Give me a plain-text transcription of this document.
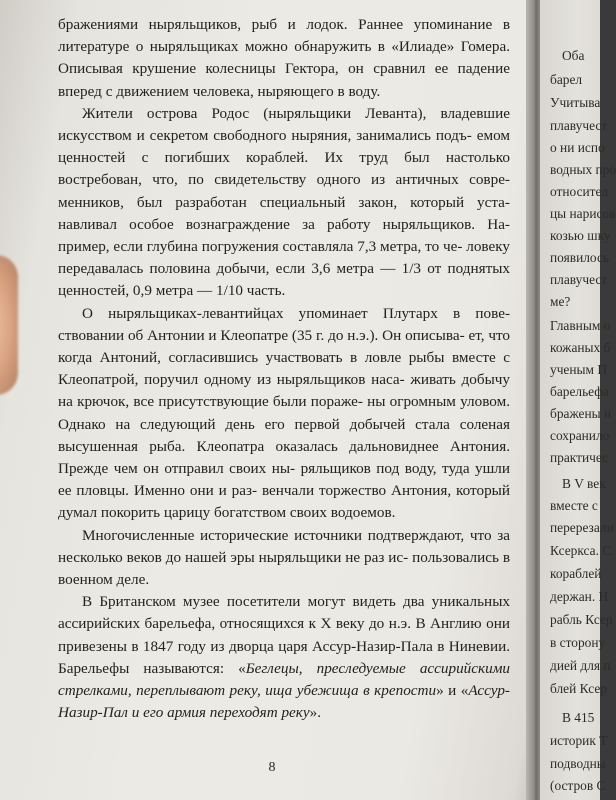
бражениями ныряльщиков, рыб и лодок. Раннее упоминание в литературе о ныряльщиках можно обнаружить в «Илиаде» Гомера. Описывая крушение колесницы Гектора, он сравнил ее падение вперед с движением человека, ныряющего в воду.

Жители острова Родос (ныряльщики Леванта), владевшие искусством и секретом свободного ныряния, занимались подъ- емом ценностей с погибших кораблей. Их труд был настолько востребован, что, по свидетельству одного из античных совре- менников, был разработан специальный закон, который уста- навливал особое вознаграждение за работу ныряльщиков. На- пример, если глубина погружения составляла 7,3 метра, то че- ловеку передавалась половина добычи, если 3,6 метра — 1/3 от поднятых ценностей, 0,9 метра — 1/10 часть.

О ныряльщиках-левантийцах упоминает Плутарх в пове- ствовании об Антонии и Клеопатре (35 г. до н.э.). Он описыва- ет, что когда Антоний, согласившись участвовать в ловле рыбы вместе с Клеопатрой, поручил одному из ныряльщиков наса- живать добычу на крючок, все присутствующие были пораже- ны огромным уловом. Однако на следующий день его первой добычей стала соленая высушенная рыба. Клеопатра оказалась дальновиднее Антония. Прежде чем он отправил своих ны- ряльщиков под воду, туда ушли ее пловцы. Именно они и раз- венчали торжество Антония, который думал покорить царицу богатством своих водоемов.

Многочисленные исторические источники подтверждают, что за несколько веков до нашей эры ныряльщики не раз ис- пользовались в военном деле.

В Британском музее посетители могут видеть два уникальных ассирийских барельефа, относящихся к X веку до н.э. В Англию они привезены в 1847 году из дворца царя Ассур-Назир-Пала в Ниневии. Барельефы называются: «Беглецы, преследуемые ассирийскими стрелками, переплывают реку, ища убежища в крепости» и «Ассур-Назир-Пал и его армия переходят реку».

8
Оба
барел
Учитыва
плавучест
о ни испо
водных про
относител
цы нарисов
козью шку
появилось
плавучест
ме?
Главным о
кожаных б
ученым П
барельефа
бражены н
сохранило
практичес
В V век
вместе с
перерезали
Ксеркса. С
кораблей
держан. Н
рабль Ксер
в сторону
дией для п
блей Ксер
В 415
историк Т
подводны
(остров С
